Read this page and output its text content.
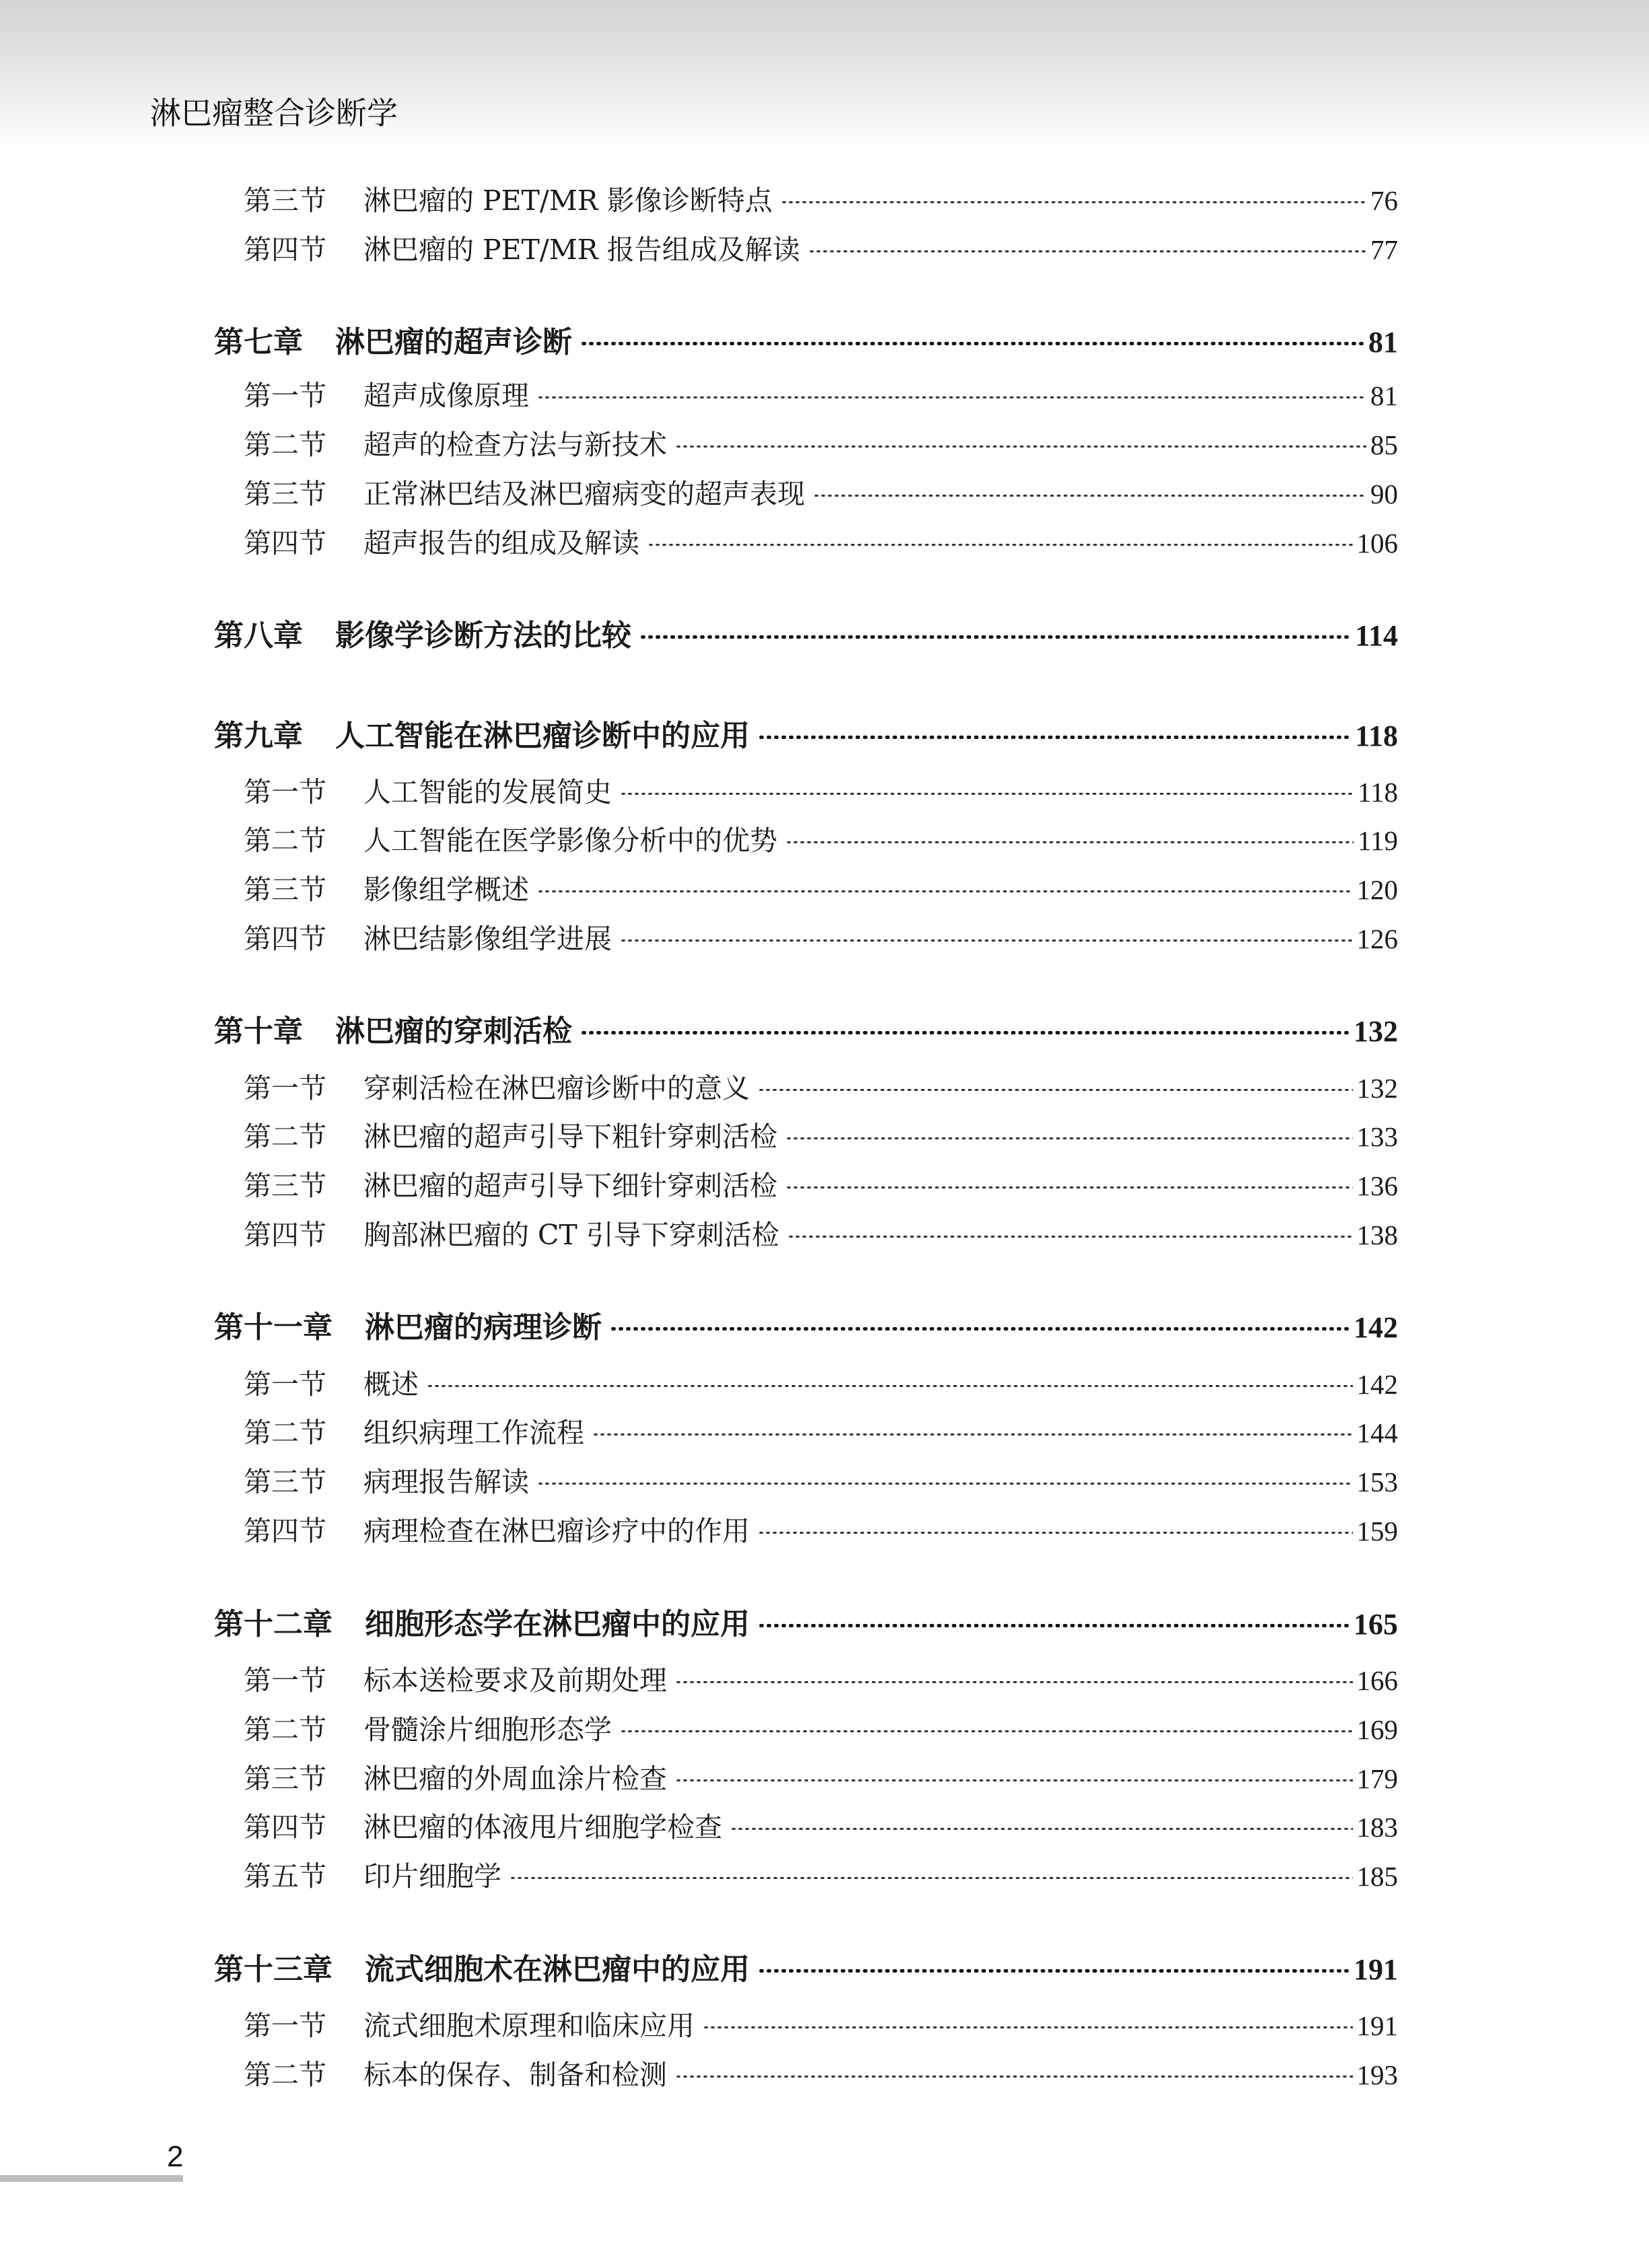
淋巴瘤整合诊断学
第三节	淋巴瘤的 PET/MR 影像诊断特点	76
第四节	淋巴瘤的 PET/MR 报告组成及解读	77
第七章 淋巴瘤的超声诊断	81
第一节	超声成像原理	81
第二节	超声的检查方法与新技术	85
第三节	正常淋巴结及淋巴瘤病变的超声表现	90
第四节	超声报告的组成及解读	106
第八章 影像学诊断方法的比较	114
第九章 人工智能在淋巴瘤诊断中的应用	118
第一节	人工智能的发展简史	118
第二节	人工智能在医学影像分析中的优势	119
第三节	影像组学概述	120
第四节	淋巴结影像组学进展	126
第十章 淋巴瘤的穿刺活检	132
第一节	穿刺活检在淋巴瘤诊断中的意义	132
第二节	淋巴瘤的超声引导下粗针穿刺活检	133
第三节	淋巴瘤的超声引导下细针穿刺活检	136
第四节	胸部淋巴瘤的 CT 引导下穿刺活检	138
第十一章 淋巴瘤的病理诊断	142
第一节	概述	142
第二节	组织病理工作流程	144
第三节	病理报告解读	153
第四节	病理检查在淋巴瘤诊疗中的作用	159
第十二章 细胞形态学在淋巴瘤中的应用	165
第一节	标本送检要求及前期处理	166
第二节	骨髓涂片细胞形态学	169
第三节	淋巴瘤的外周血涂片检查	179
第四节	淋巴瘤的体液甩片细胞学检查	183
第五节	印片细胞学	185
第十三章 流式细胞术在淋巴瘤中的应用	191
第一节	流式细胞术原理和临床应用	191
第二节	标本的保存、制备和检测	193
2
